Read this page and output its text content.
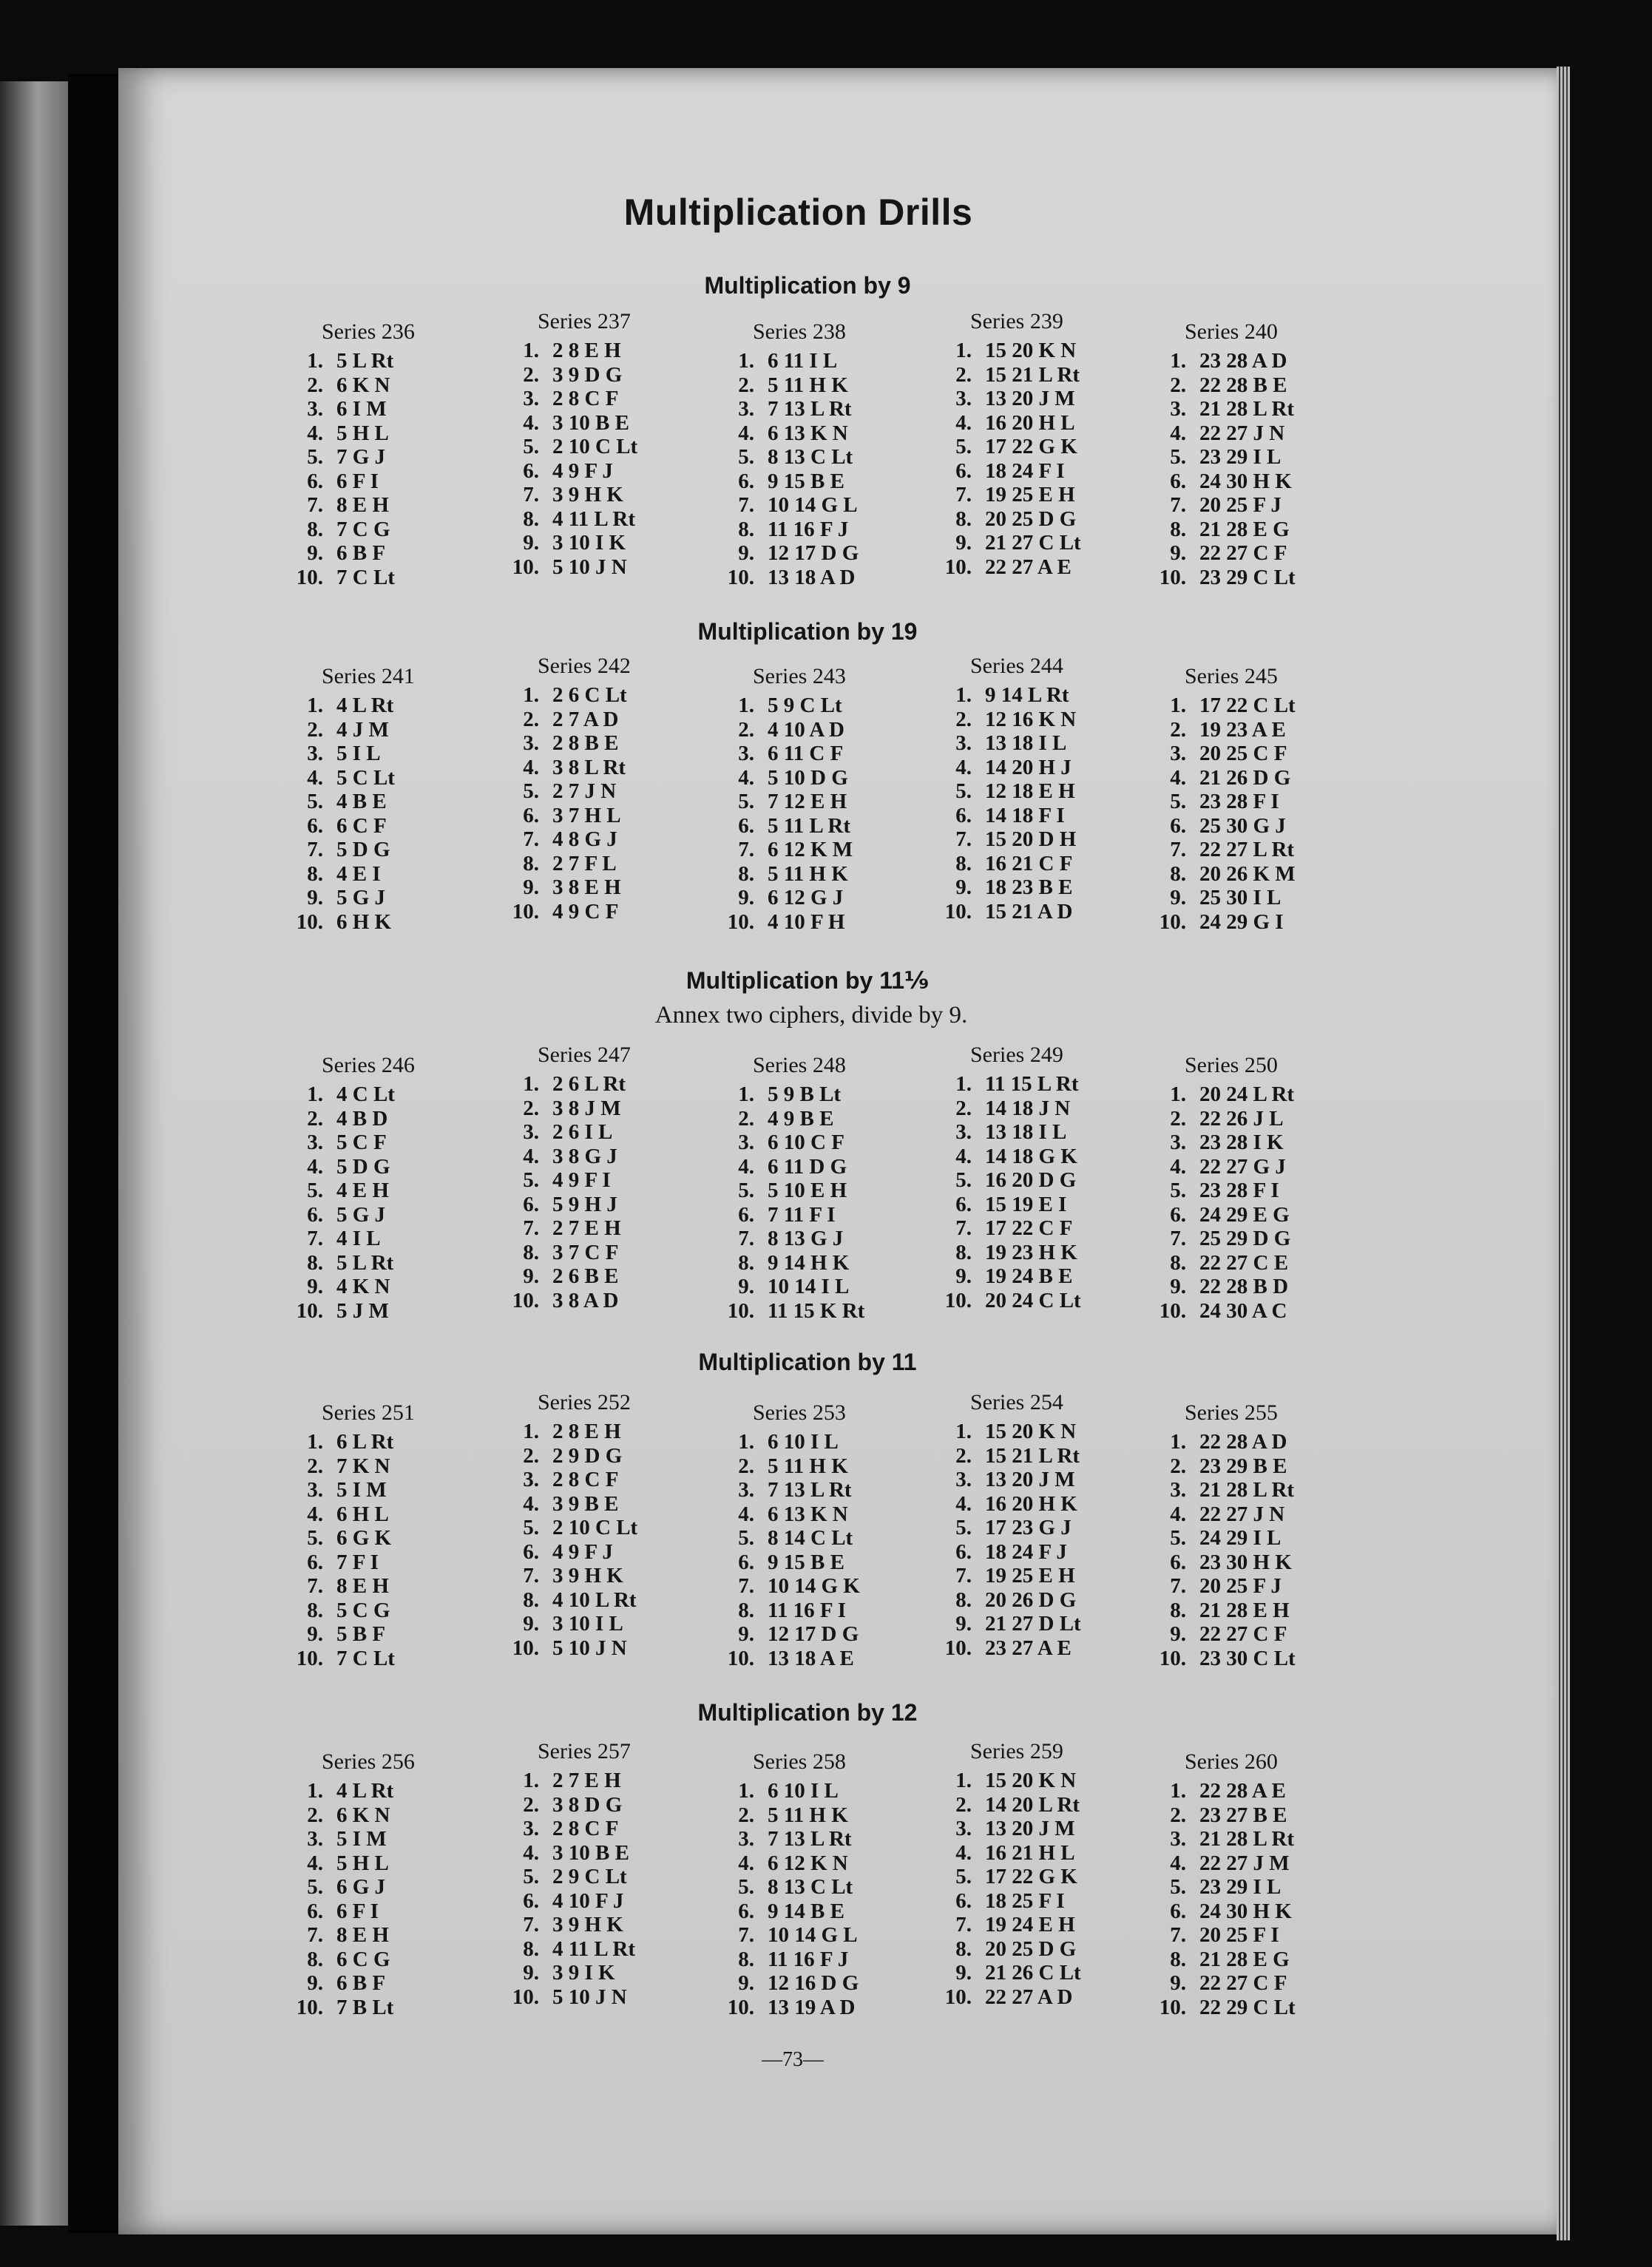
Multiplication Drills
Multiplication by 9
Series 236
1. 5 L Rt
2. 6 K N
3. 6 I M
4. 5 H L
5. 7 G J
6. 6 F I
7. 8 E H
8. 7 C G
9. 6 B F
10. 7 C Lt
Series 237
1. 2 8 E H
2. 3 9 D G
3. 2 8 C F
4. 3 10 B E
5. 2 10 C Lt
6. 4 9 F J
7. 3 9 H K
8. 4 11 L Rt
9. 3 10 I K
10. 5 10 J N
Series 238
1. 6 11 I L
2. 5 11 H K
3. 7 13 L Rt
4. 6 13 K N
5. 8 13 C Lt
6. 9 15 B E
7. 10 14 G L
8. 11 16 F J
9. 12 17 D G
10. 13 18 A D
Series 239
1. 15 20 K N
2. 15 21 L Rt
3. 13 20 J M
4. 16 20 H L
5. 17 22 G K
6. 18 24 F I
7. 19 25 E H
8. 20 25 D G
9. 21 27 C Lt
10. 22 27 A E
Series 240
1. 23 28 A D
2. 22 28 B E
3. 21 28 L Rt
4. 22 27 J N
5. 23 29 I L
6. 24 30 H K
7. 20 25 F J
8. 21 28 E G
9. 22 27 C F
10. 23 29 C Lt
Multiplication by 19
Series 241
1. 4 L Rt
2. 4 J M
3. 5 I L
4. 5 C Lt
5. 4 B E
6. 6 C F
7. 5 D G
8. 4 E I
9. 5 G J
10. 6 H K
Series 242
1. 2 6 C Lt
2. 2 7 A D
3. 2 8 B E
4. 3 8 L Rt
5. 2 7 J N
6. 3 7 H L
7. 4 8 G J
8. 2 7 F L
9. 3 8 E H
10. 4 9 C F
Series 243
1. 5 9 C Lt
2. 4 10 A D
3. 6 11 C F
4. 5 10 D G
5. 7 12 E H
6. 5 11 L Rt
7. 6 12 K M
8. 5 11 H K
9. 6 12 G J
10. 4 10 F H
Series 244
1. 9 14 L Rt
2. 12 16 K N
3. 13 18 I L
4. 14 20 H J
5. 12 18 E H
6. 14 18 F I
7. 15 20 D H
8. 16 21 C F
9. 18 23 B E
10. 15 21 A D
Series 245
1. 17 22 C Lt
2. 19 23 A E
3. 20 25 C F
4. 21 26 D G
5. 23 28 F I
6. 25 30 G J
7. 22 27 L Rt
8. 20 26 K M
9. 25 30 I L
10. 24 29 G I
Multiplication by 11⅑
Annex two ciphers, divide by 9.
Series 246
1. 4 C Lt
2. 4 B D
3. 5 C F
4. 5 D G
5. 4 E H
6. 5 G J
7. 4 I L
8. 5 L Rt
9. 4 K N
10. 5 J M
Series 247
1. 2 6 L Rt
2. 3 8 J M
3. 2 6 I L
4. 3 8 G J
5. 4 9 F I
6. 5 9 H J
7. 2 7 E H
8. 3 7 C F
9. 2 6 B E
10. 3 8 A D
Series 248
1. 5 9 B Lt
2. 4 9 B E
3. 6 10 C F
4. 6 11 D G
5. 5 10 E H
6. 7 11 F I
7. 8 13 G J
8. 9 14 H K
9. 10 14 I L
10. 11 15 K Rt
Series 249
1. 11 15 L Rt
2. 14 18 J N
3. 13 18 I L
4. 14 18 G K
5. 16 20 D G
6. 15 19 E I
7. 17 22 C F
8. 19 23 H K
9. 19 24 B E
10. 20 24 C Lt
Series 250
1. 20 24 L Rt
2. 22 26 J L
3. 23 28 I K
4. 22 27 G J
5. 23 28 F I
6. 24 29 E G
7. 25 29 D G
8. 22 27 C E
9. 22 28 B D
10. 24 30 A C
Multiplication by 11
Series 251
1. 6 L Rt
2. 7 K N
3. 5 I M
4. 6 H L
5. 6 G K
6. 7 F I
7. 8 E H
8. 5 C G
9. 5 B F
10. 7 C Lt
Series 252
1. 2 8 E H
2. 2 9 D G
3. 2 8 C F
4. 3 9 B E
5. 2 10 C Lt
6. 4 9 F J
7. 3 9 H K
8. 4 10 L Rt
9. 3 10 I L
10. 5 10 J N
Series 253
1. 6 10 I L
2. 5 11 H K
3. 7 13 L Rt
4. 6 13 K N
5. 8 14 C Lt
6. 9 15 B E
7. 10 14 G K
8. 11 16 F I
9. 12 17 D G
10. 13 18 A E
Series 254
1. 15 20 K N
2. 15 21 L Rt
3. 13 20 J M
4. 16 20 H K
5. 17 23 G J
6. 18 24 F J
7. 19 25 E H
8. 20 26 D G
9. 21 27 D Lt
10. 23 27 A E
Series 255
1. 22 28 A D
2. 23 29 B E
3. 21 28 L Rt
4. 22 27 J N
5. 24 29 I L
6. 23 30 H K
7. 20 25 F J
8. 21 28 E H
9. 22 27 C F
10. 23 30 C Lt
Multiplication by 12
Series 256
1. 4 L Rt
2. 6 K N
3. 5 I M
4. 5 H L
5. 6 G J
6. 6 F I
7. 8 E H
8. 6 C G
9. 6 B F
10. 7 B Lt
Series 257
1. 2 7 E H
2. 3 8 D G
3. 2 8 C F
4. 3 10 B E
5. 2 9 C Lt
6. 4 10 F J
7. 3 9 H K
8. 4 11 L Rt
9. 3 9 I K
10. 5 10 J N
Series 258
1. 6 10 I L
2. 5 11 H K
3. 7 13 L Rt
4. 6 12 K N
5. 8 13 C Lt
6. 9 14 B E
7. 10 14 G L
8. 11 16 F J
9. 12 16 D G
10. 13 19 A D
Series 259
1. 15 20 K N
2. 14 20 L Rt
3. 13 20 J M
4. 16 21 H L
5. 17 22 G K
6. 18 25 F I
7. 19 24 E H
8. 20 25 D G
9. 21 26 C Lt
10. 22 27 A D
Series 260
1. 22 28 A E
2. 23 27 B E
3. 21 28 L Rt
4. 22 27 J M
5. 23 29 I L
6. 24 30 H K
7. 20 25 F I
8. 21 28 E G
9. 22 27 C F
10. 22 29 C Lt
—73—
